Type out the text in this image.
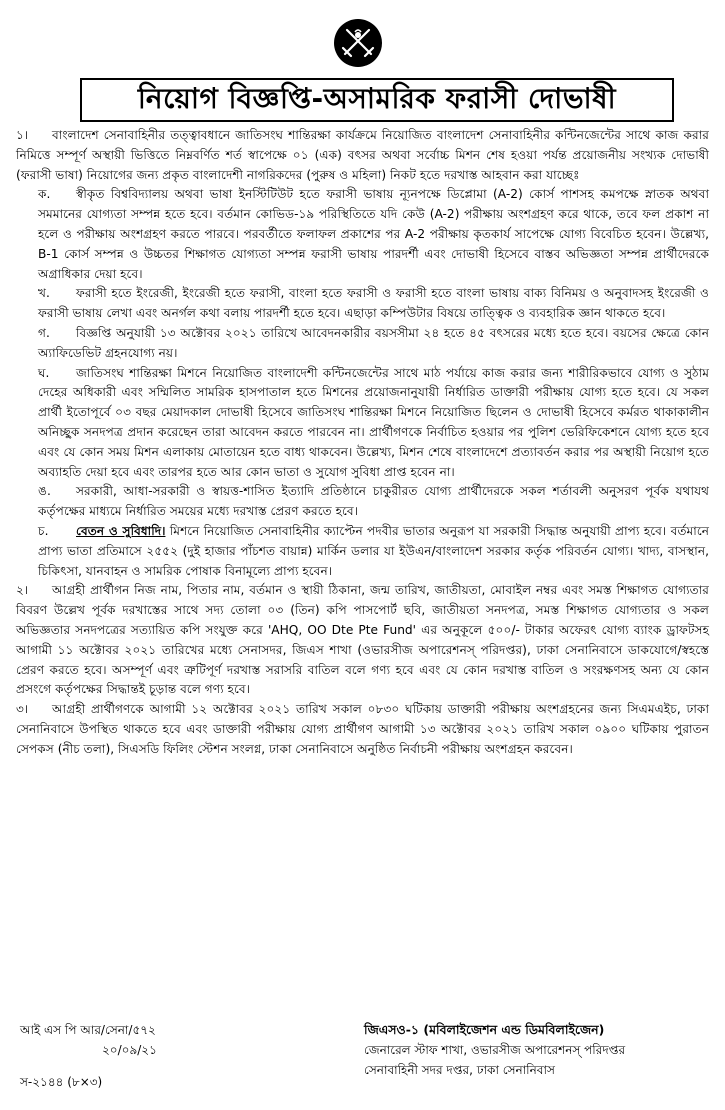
নিয়োগ বিজ্ঞপ্তি-অসামরিক ফরাসী দোভাষী

১। বাংলাদেশ সেনাবাহিনীর তত্ত্বাবধানে জাতিসংঘ শান্তিরক্ষা কার্যক্রমে নিয়োজিত বাংলাদেশ সেনাবাহিনীর কন্টিনজেন্টের সাথে কাজ করার নিমিত্তে সম্পূর্ণ অস্থায়ী ভিত্তিতে নিম্নবর্ণিত শর্ত স্বাপেক্ষে ০১ (এক) বৎসর অথবা সর্বোচ্চ মিশন শেষ হওয়া পর্যন্ত প্রয়োজনীয় সংখ্যক দোভাষী (ফরাসী ভাষা) নিয়োগের জন্য প্রকৃত বাংলাদেশী নাগরিকদের (পুরুষ ও মহিলা) নিকট হতে দরখাস্ত আহবান করা যাচ্ছেঃ

ক. স্বীকৃত বিশ্ববিদ্যালয় অথবা ভাষা ইনস্টিটিউট হতে ফরাসী ভাষায় ন্যূনপক্ষে ডিপ্লোমা (A-2) কোর্স পাশসহ কমপক্ষে স্নাতক অথবা সমমানের যোগ্যতা সম্পন্ন হতে হবে। বর্তমান কোভিড-১৯ পরিস্থিতিতে যদি কেউ (A-2) পরীক্ষায় অংশগ্রহণ করে থাকে, তবে ফল প্রকাশ না হলে ও পরীক্ষায় অংশগ্রহণ করতে পারবে। পরবর্তীতে ফলাফল প্রকাশের পর A-2 পরীক্ষায় কৃতকার্য সাপেক্ষে যোগ্য বিবেচিত হবেন। উল্লেখ্য, B-1 কোর্স সম্পন্ন ও উচ্চতর শিক্ষাগত যোগ্যতা সম্পন্ন ফরাসী ভাষায় পারদর্শী এবং দোভাষী হিসেবে বাস্তব অভিজ্ঞতা সম্পন্ন প্রার্থীদেরকে অগ্রাধিকার দেয়া হবে।

খ. ফরাসী হতে ইংরেজী, ইংরেজী হতে ফরাসী, বাংলা হতে ফরাসী ও ফরাসী হতে বাংলা ভাষায় বাক্য বিনিময় ও অনুবাদসহ ইংরেজী ও ফরাসী ভাষায় লেখা এবং অনর্গল কথা বলায় পারদর্শী হতে হবে। এছাড়া কম্পিউটার বিষয়ে তাত্ত্বিক ও ব্যবহারিক জ্ঞান থাকতে হবে।

গ. বিজ্ঞপ্তি অনুযায়ী ১৩ অক্টোবর ২০২১ তারিখে আবেদনকারীর বয়সসীমা ২৪ হতে ৪৫ বৎসরের মধ্যে হতে হবে। বয়সের ক্ষেত্রে কোন অ্যাফিডেভিট গ্রহনযোগ্য নয়।

ঘ. জাতিসংঘ শান্তিরক্ষা মিশনে নিয়োজিত বাংলাদেশী কন্টিনজেন্টের সাথে মাঠ পর্যায়ে কাজ করার জন্য শারীরিকভাবে যোগ্য ও সুঠাম দেহের অধিকারী এবং সম্মিলিত সামরিক হাসপাতাল হতে মিশনের প্রয়োজনানুযায়ী নির্ধারিত ডাক্তারী পরীক্ষায় যোগ্য হতে হবে। যে সকল প্রার্থী ইতোপূর্বে ০৩ বছর মেয়াদকাল দোভাষী হিসেবে জাতিসংঘ শান্তিরক্ষা মিশনে নিয়োজিত ছিলেন ও দোভাষী হিসেবে কর্মরত থাকাকালীন অনিচ্ছুক সনদপত্র প্রদান করেছেন তারা আবেদন করতে পারবেন না। প্রার্থীগণকে নির্বাচিত হওয়ার পর পুলিশ ভেরিফিকেশনে যোগ্য হতে হবে এবং যে কোন সময় মিশন এলাকায় মোতায়েন হতে বাধ্য থাকবেন। উল্লেখ্য, মিশন শেষে বাংলাদেশে প্রত্যাবর্তন করার পর অস্থায়ী নিয়োগ হতে অব্যাহতি দেয়া হবে এবং তারপর হতে আর কোন ভাতা ও সুযোগ সুবিধা প্রাপ্ত হবেন না।

ঙ. সরকারী, আধা-সরকারী ও স্বায়ত্ত-শাসিত ইত্যাদি প্রতিষ্ঠানে চাকুরীরত যোগ্য প্রার্থীদেরকে সকল শর্তাবলী অনুসরণ পূর্বক যথাযথ কর্তৃপক্ষের মাধ্যমে নির্ধারিত সময়ের মধ্যে দরখাস্ত প্রেরণ করতে হবে।

চ. বেতন ও সুবিধাদি। মিশনে নিয়োজিত সেনাবাহিনীর ক্যাপ্টেন পদবীর ভাতার অনুরূপ যা সরকারী সিদ্ধান্ত অনুযায়ী প্রাপ্য হবে। বর্তমানে প্রাপ্য ভাতা প্রতিমাসে ২৫৫২ (দুই হাজার পাঁচশত বায়ান্ন) মার্কিন ডলার যা ইউএন/বাংলাদেশ সরকার কর্তৃক পরিবর্তন যোগ্য। খাদ্য, বাসস্থান, চিকিৎসা, যানবাহন ও সামরিক পোষাক বিনামূল্যে প্রাপ্য হবেন।

২। আগ্রহী প্রার্থীগন নিজ নাম, পিতার নাম, বর্তমান ও স্থায়ী ঠিকানা, জন্ম তারিখ, জাতীয়তা, মোবাইল নম্বর এবং সমস্ত শিক্ষাগত যোগ্যতার বিবরণ উল্লেখ পূর্বক দরখাস্তের সাথে সদ্য তোলা ০৩ (তিন) কপি পাসপোর্ট ছবি, জাতীয়তা সনদপত্র, সমস্ত শিক্ষাগত যোগ্যতার ও সকল অভিজ্ঞতার সনদপত্রের সত্যায়িত কপি সংযুক্ত করে 'AHQ, OO Dte Pte Fund' এর অনুকূলে ৫০০/- টাকার অফেরৎ যোগ্য ব্যাংক ড্রাফটসহ আগামী ১১ অক্টোবর ২০২১ তারিখের মধ্যে সেনাসদর, জিএস শাখা (ওভারসীজ অপারেশনস্ পরিদপ্তর), ঢাকা সেনানিবাসে ডাকযোগে/স্বহস্তে প্রেরণ করতে হবে। অসম্পূর্ণ এবং ত্রুটিপূর্ণ দরখাস্ত সরাসরি বাতিল বলে গণ্য হবে এবং যে কোন দরখাস্ত বাতিল ও সংরক্ষণসহ অন্য যে কোন প্রসংগে কর্তৃপক্ষের সিদ্ধান্তই চূড়ান্ত বলে গণ্য হবে।

৩। আগ্রহী প্রার্থীগণকে আগামী ১২ অক্টোবর ২০২১ তারিখ সকাল ০৮৩০ ঘটিকায় ডাক্তারী পরীক্ষায় অংশগ্রহনের জন্য সিএমএইচ, ঢাকা সেনানিবাসে উপস্থিত থাকতে হবে এবং ডাক্তারী পরীক্ষায় যোগ্য প্রার্থীগণ আগামী ১৩ অক্টোবর ২০২১ তারিখ সকাল ০৯০০ ঘটিকায় পুরাতন সেপকস (নীচ তলা), সিএসডি ফিলিং স্টেশন সংলগ্ন, ঢাকা সেনানিবাসে অনুষ্ঠিত নির্বাচনী পরীক্ষায় অংশগ্রহন করবেন।

আই এস পি আর/সেনা/৫৭২
২০/০৯/২১
স-২১৪৪ (৮×৩)
জিএসও-১ (মবিলাইজেশন এন্ড ডিমবিলাইজেন)
জেনারেল স্টাফ শাখা, ওভারসীজ অপারেশনস্ পরিদপ্তর
সেনাবাহিনী সদর দপ্তর, ঢাকা সেনানিবাস
